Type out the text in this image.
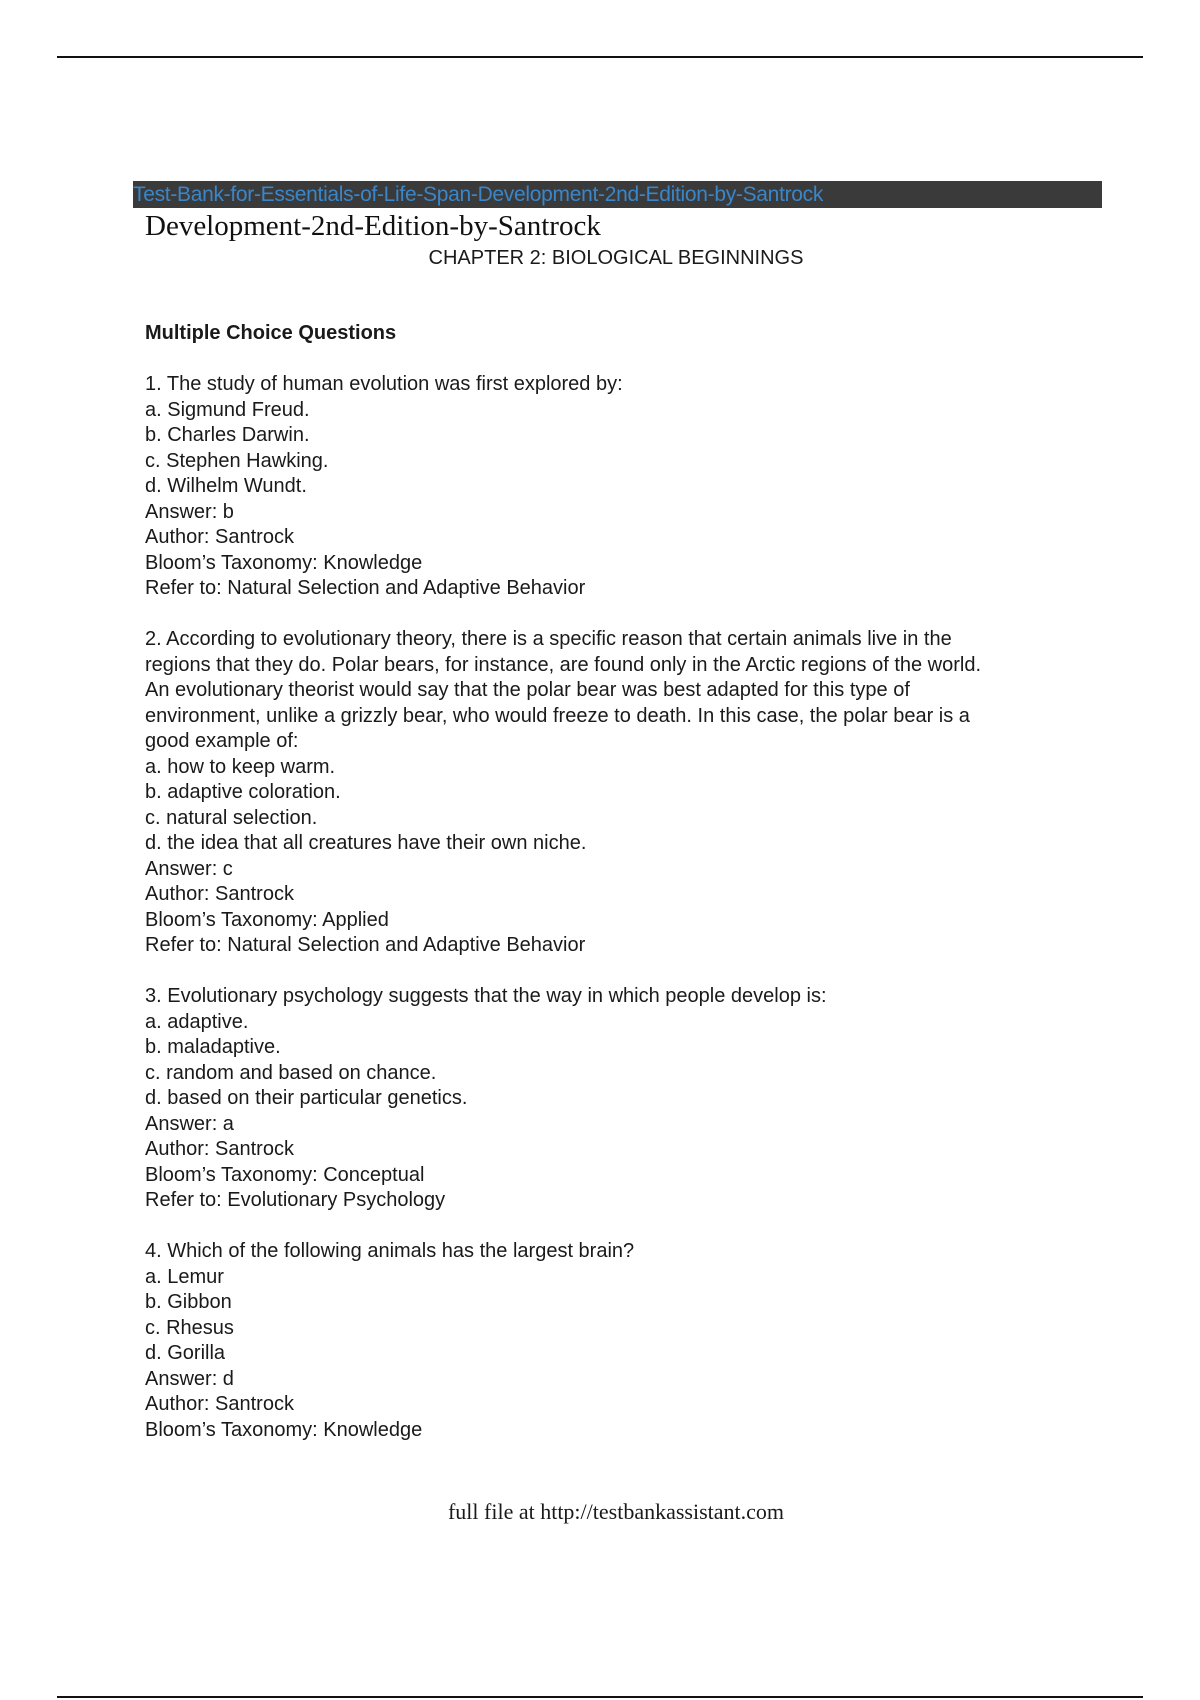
Test-Bank-for-Essentials-of-Life-Span-Development-2nd-Edition-by-Santrock
Development-2nd-Edition-by-Santrock
CHAPTER 2: BIOLOGICAL BEGINNINGS
Multiple Choice Questions
1. The study of human evolution was first explored by:
a. Sigmund Freud.
b. Charles Darwin.
c. Stephen Hawking.
d. Wilhelm Wundt.
Answer: b
Author: Santrock
Bloom’s Taxonomy: Knowledge
Refer to: Natural Selection and Adaptive Behavior
2. According to evolutionary theory, there is a specific reason that certain animals live in the
regions that they do. Polar bears, for instance, are found only in the Arctic regions of the world.
An evolutionary theorist would say that the polar bear was best adapted for this type of
environment, unlike a grizzly bear, who would freeze to death. In this case, the polar bear is a
good example of:
a. how to keep warm.
b. adaptive coloration.
c. natural selection.
d. the idea that all creatures have their own niche.
Answer: c
Author: Santrock
Bloom’s Taxonomy: Applied
Refer to: Natural Selection and Adaptive Behavior
3. Evolutionary psychology suggests that the way in which people develop is:
a. adaptive.
b. maladaptive.
c. random and based on chance.
d. based on their particular genetics.
Answer: a
Author: Santrock
Bloom’s Taxonomy: Conceptual
Refer to: Evolutionary Psychology
4. Which of the following animals has the largest brain?
a. Lemur
b. Gibbon
c. Rhesus
d. Gorilla
Answer: d
Author: Santrock
Bloom’s Taxonomy: Knowledge
full file at http://testbankassistant.com
